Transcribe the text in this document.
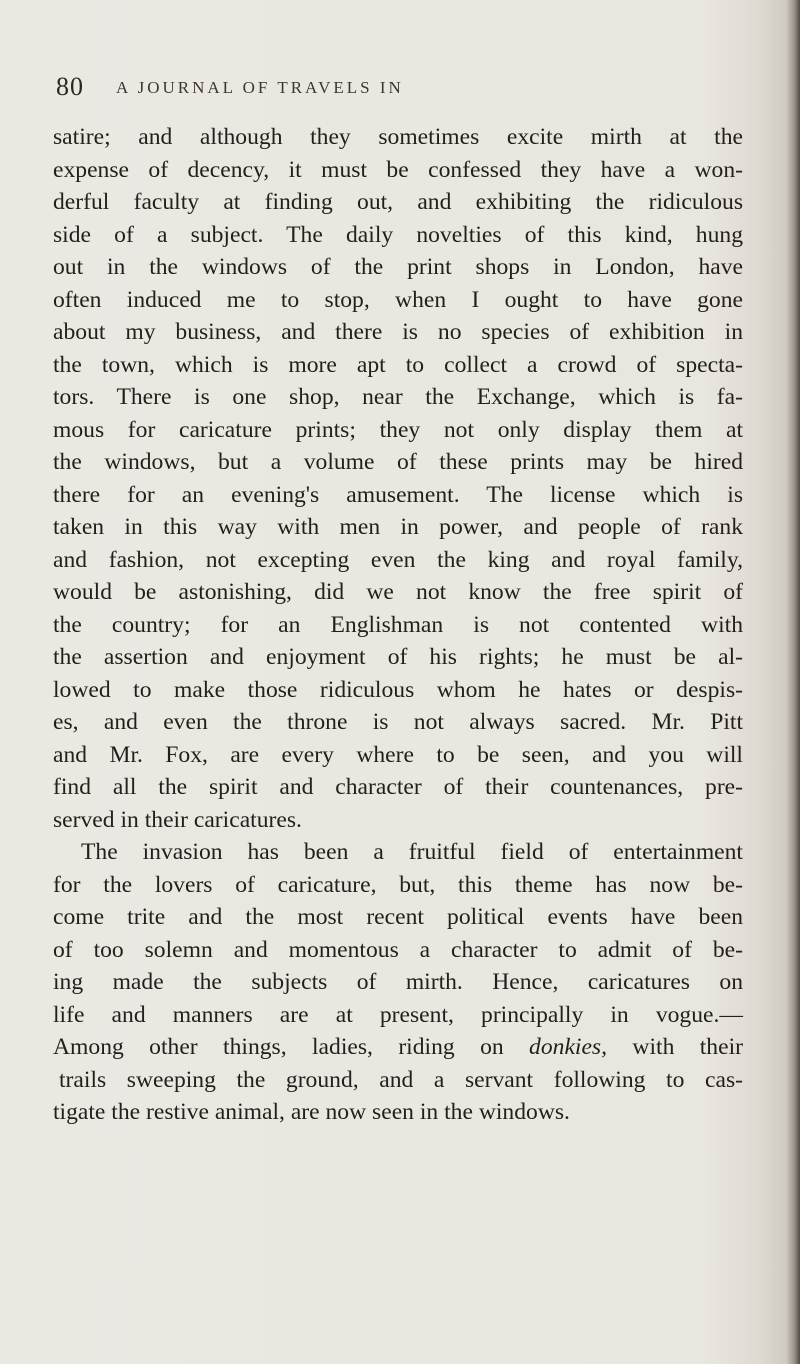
80 A JOURNAL OF TRAVELS IN
satire; and although they sometimes excite mirth at the
expense of decency, it must be confessed they have a won-
derful faculty at finding out, and exhibiting the ridiculous
side of a subject. The daily novelties of this kind, hung
out in the windows of the print shops in London, have
often induced me to stop, when I ought to have gone
about my business, and there is no species of exhibition in
the town, which is more apt to collect a crowd of specta-
tors. There is one shop, near the Exchange, which is fa-
mous for caricature prints; they not only display them at
the windows, but a volume of these prints may be hired
there for an evening's amusement. The license which is
taken in this way with men in power, and people of rank
and fashion, not excepting even the king and royal family,
would be astonishing, did we not know the free spirit of
the country; for an Englishman is not contented with
the assertion and enjoyment of his rights; he must be al-
lowed to make those ridiculous whom he hates or despis-
es, and even the throne is not always sacred. Mr. Pitt
and Mr. Fox, are every where to be seen, and you will
find all the spirit and character of their countenances, pre-
served in their caricatures.
The invasion has been a fruitful field of entertainment
for the lovers of caricature, but, this theme has now be-
come trite and the most recent political events have been
of too solemn and momentous a character to admit of be-
ing made the subjects of mirth. Hence, caricatures on
life and manners are at present, principally in vogue.—
Among other things, ladies, riding on donkies, with their
trails sweeping the ground, and a servant following to cas-
tigate the restive animal, are now seen in the windows.
